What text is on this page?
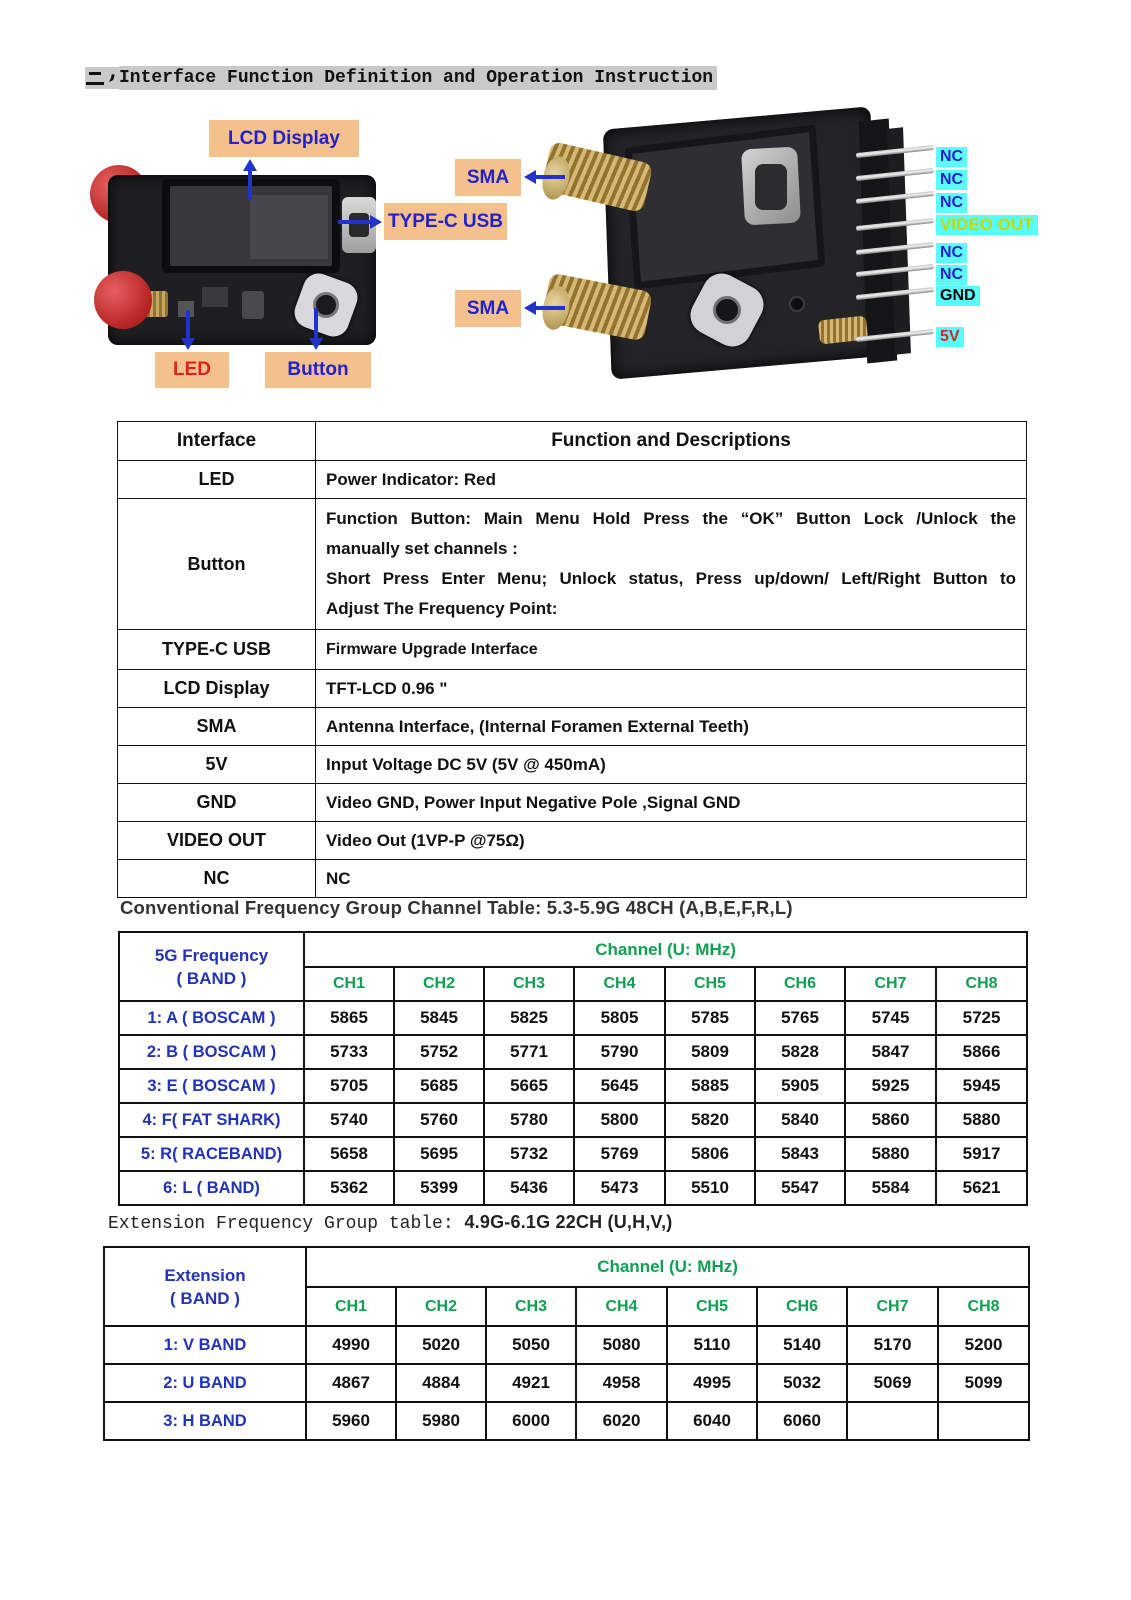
Interface Function Definition and Operation Instruction
NC
NC
NC
VIDEO OUT
NC
NC
GND
5V
LCD Display
SMA
TYPE-C USB
SMA
LED	Button
Interface	Function and Descriptions
LED	Power Indicator: Red
Button	Function Button: Main Menu Hold Press the “OK” Button Lock /Unlock the
manually set channels :
Short Press Enter Menu; Unlock status, Press up/down/ Left/Right Button to
Adjust The Frequency Point:

TYPE-C USB	Firmware Upgrade Interface
LCD Display	TFT-LCD 0.96 "
SMA	Antenna Interface, (Internal Foramen External Teeth)
5V	Input Voltage DC 5V (5V @ 450mA)
GND	Video GND, Power Input Negative Pole ,Signal GND
VIDEO OUT	Video Out (1VP-P @75Ω)
NC	NC
Conventional Frequency Group Channel Table: 5.3-5.9G 48CH (A,B,E,F,R,L)
5G Frequency
( BAND )	Channel (U: MHz)							
	CH1	CH2	CH3	CH4	CH5	CH6	CH7	CH8
1: A ( BOSCAM )	5865	5845	5825	5805	5785	5765	5745	5725
2: B ( BOSCAM )	5733	5752	5771	5790	5809	5828	5847	5866
3: E ( BOSCAM )	5705	5685	5665	5645	5885	5905	5925	5945
4: F( FAT SHARK)	5740	5760	5780	5800	5820	5840	5860	5880
5: R( RACEBAND)	5658	5695	5732	5769	5806	5843	5880	5917
6: L ( BAND)	5362	5399	5436	5473	5510	5547	5584	5621
Extension Frequency Group table: 4.9G-6.1G 22CH (U,H,V,)
Extension
( BAND )	Channel (U: MHz)							
	CH1	CH2	CH3	CH4	CH5	CH6	CH7	CH8
1: V BAND	4990	5020	5050	5080	5110	5140	5170	5200
2: U BAND	4867	4884	4921	4958	4995	5032	5069	5099
3: H BAND	5960	5980	6000	6020	6040	6060		
